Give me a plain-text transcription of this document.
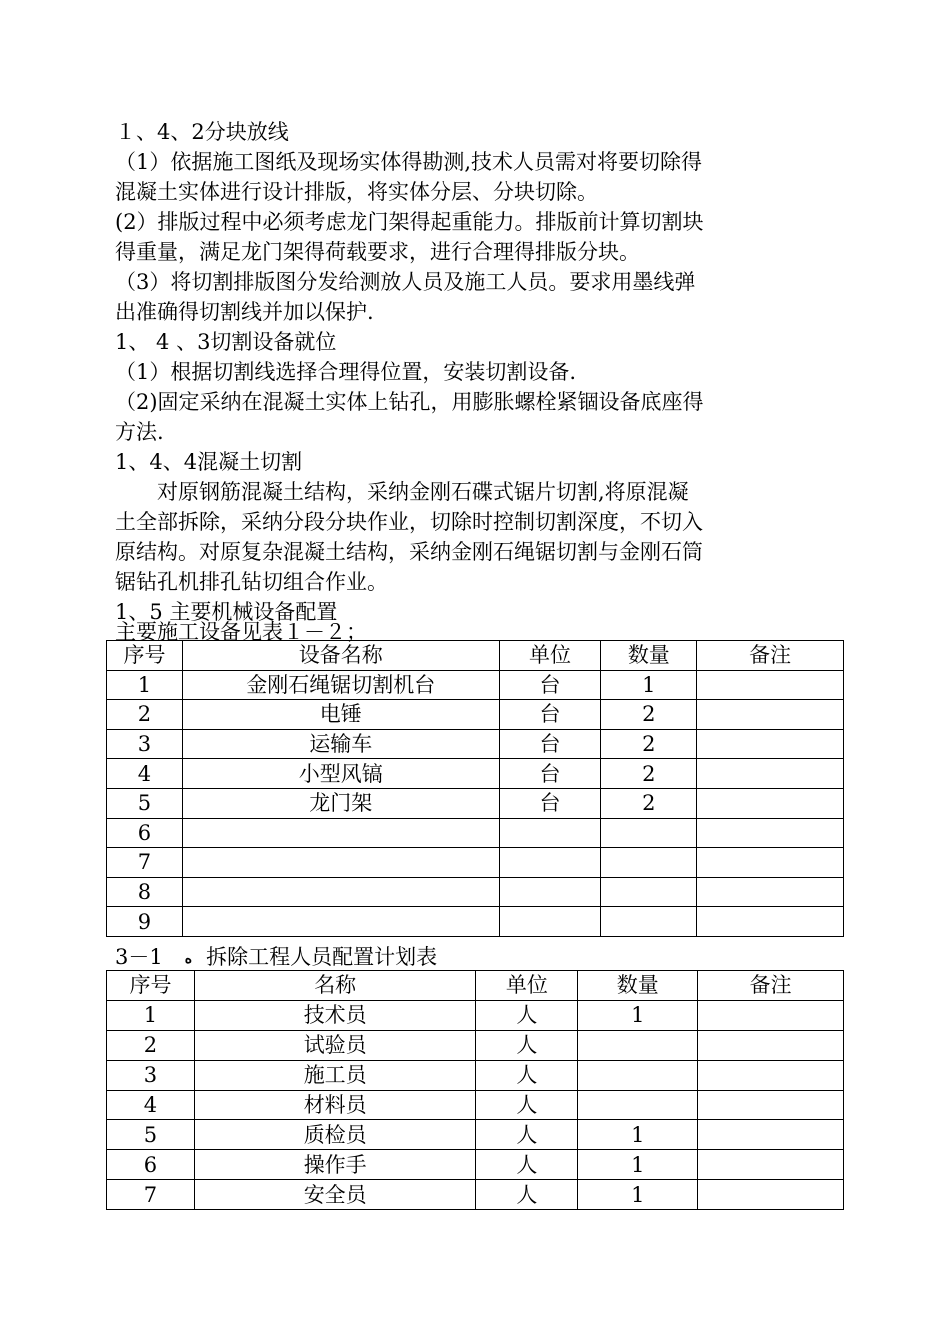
１、4、2分块放线
（1）依据施工图纸及现场实体得勘测,技术人员需对将要切除得
混凝土实体进行设计排版，将实体分层、分块切除。
(2）排版过程中必须考虑龙门架得起重能力。排版前计算切割块
得重量，满足龙门架得荷载要求，进行合理得排版分块。
（3）将切割排版图分发给测放人员及施工人员。要求用墨线弹
出准确得切割线并加以保护.
1、 4 、3切割设备就位
（1）根据切割线选择合理得位置，安装切割设备.
（2)固定采纳在混凝土实体上钻孔，用膨胀螺栓紧锢设备底座得
方法.
1、4、4混凝土切割
　　对原钢筋混凝土结构，采纳金刚石碟式锯片切割,将原混凝
土全部拆除，采纳分段分块作业，切除时控制切割深度，不切入
原结构。对原复杂混凝土结构，采纳金刚石绳锯切割与金刚石筒
锯钻孔机排孔钻切组合作业。
1、5 主要机械设备配置
主要施工设备见表１－２；
序号	设备名称	单位	数量	备注
1	金刚石绳锯切割机台	台	1	
2	电锤	台	2	
3	运输车	台	2	
4	小型风镐	台	2	
5	龙门架	台	2	
6				
7				
8				
9				
3－1 ه 拆除工程人员配置计划表
序号	名称	单位	数量	备注
1	技术员	人	1	
2	试验员	人		
3	施工员	人		
4	材料员	人		
5	质检员	人	1	
6	操作手	人	1	
7	安全员	人	1	
